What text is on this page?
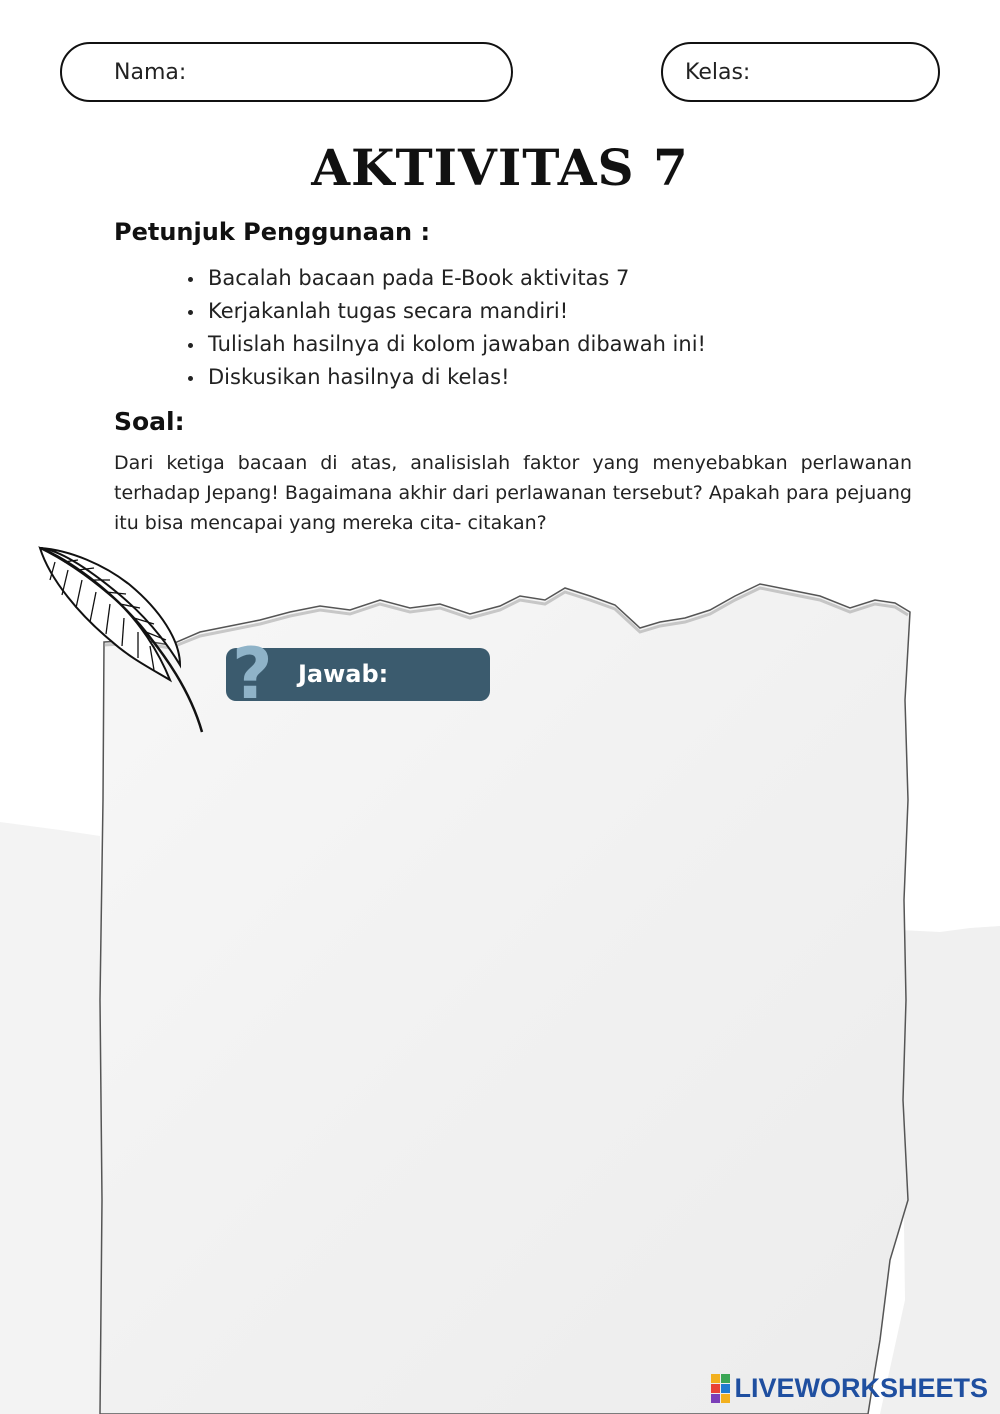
Nama:	Kelas:
AKTIVITAS 7
Petunjuk Penggunaan :
Bacalah bacaan pada E-Book aktivitas 7
Kerjakanlah tugas secara mandiri!
Tulislah hasilnya di kolom jawaban dibawah ini!
Diskusikan hasilnya di kelas!
Soal:
Dari ketiga bacaan di atas, analisislah faktor yang menyebabkan perlawanan terhadap Jepang! Bagaimana akhir dari perlawanan tersebut? Apakah para pejuang itu bisa mencapai yang mereka cita- citakan?
? Jawab:
LIVEWORKSHEETS
